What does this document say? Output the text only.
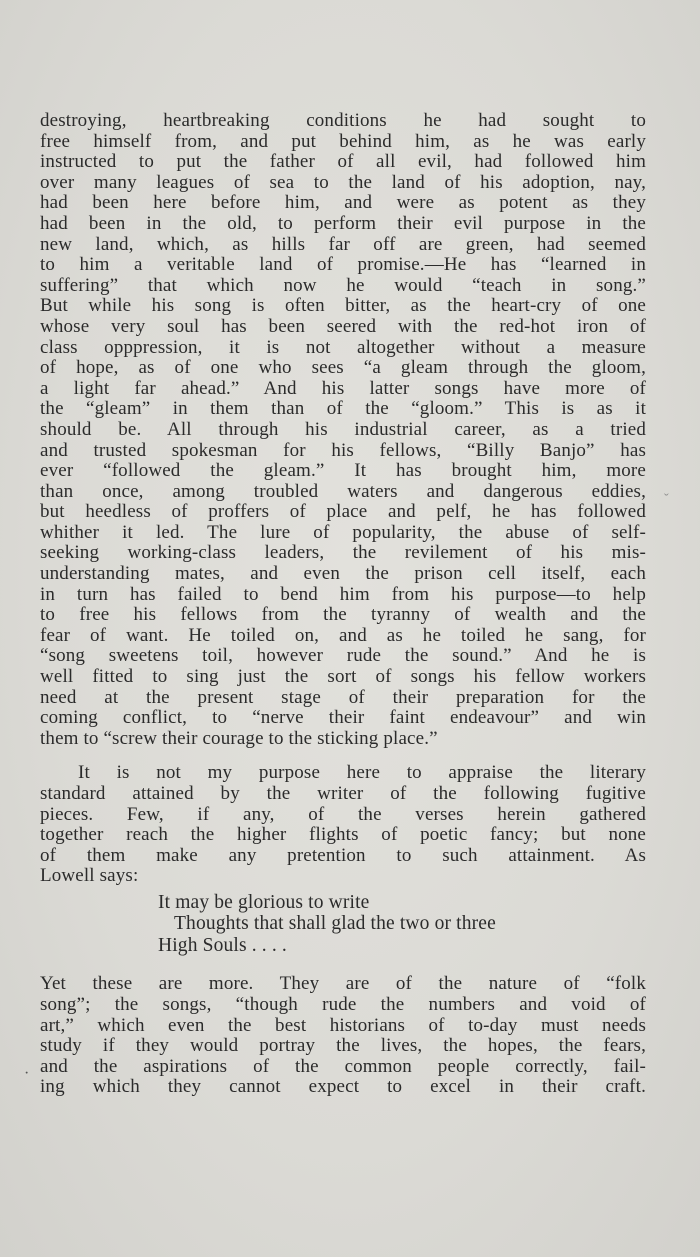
ˇ
·
destroying, heartbreaking conditions he had sought to
free himself from, and put behind him, as he was early
instructed to put the father of all evil, had followed him
over many leagues of sea to the land of his adoption, nay,
had been here before him, and were as potent as they
had been in the old, to perform their evil purpose in the
new land, which, as hills far off are green, had seemed
to him a veritable land of promise.—He has “learned in
suffering” that which now he would “teach in song.”
But while his song is often bitter, as the heart-cry of one
whose very soul has been seered with the red-hot iron of
class opppression, it is not altogether without a measure
of hope, as of one who sees “a gleam through the gloom,
a light far ahead.” And his latter songs have more of
the “gleam” in them than of the “gloom.” This is as it
should be. All through his industrial career, as a tried
and trusted spokesman for his fellows, “Billy Banjo” has
ever “followed the gleam.” It has brought him, more
than once, among troubled waters and dangerous eddies,
but heedless of proffers of place and pelf, he has followed
whither it led. The lure of popularity, the abuse of self-
seeking working-class leaders, the revilement of his mis-
understanding mates, and even the prison cell itself, each
in turn has failed to bend him from his purpose—to help
to free his fellows from the tyranny of wealth and the
fear of want. He toiled on, and as he toiled he sang, for
“song sweetens toil, however rude the sound.” And he is
well fitted to sing just the sort of songs his fellow workers
need at the present stage of their preparation for the
coming conflict, to “nerve their faint endeavour” and win
them to “screw their courage to the sticking place.”
It is not my purpose here to appraise the literary
standard attained by the writer of the following fugitive
pieces. Few, if any, of the verses herein gathered
together reach the higher flights of poetic fancy; but none
of them make any pretention to such attainment. As
Lowell says:
It may be glorious to write
Thoughts that shall glad the two or three
High Souls . . . .
Yet these are more. They are of the nature of “folk
song”; the songs, “though rude the numbers and void of
art,” which even the best historians of to-day must needs
study if they would portray the lives, the hopes, the fears,
and the aspirations of the common people correctly, fail-
ing which they cannot expect to excel in their craft.
